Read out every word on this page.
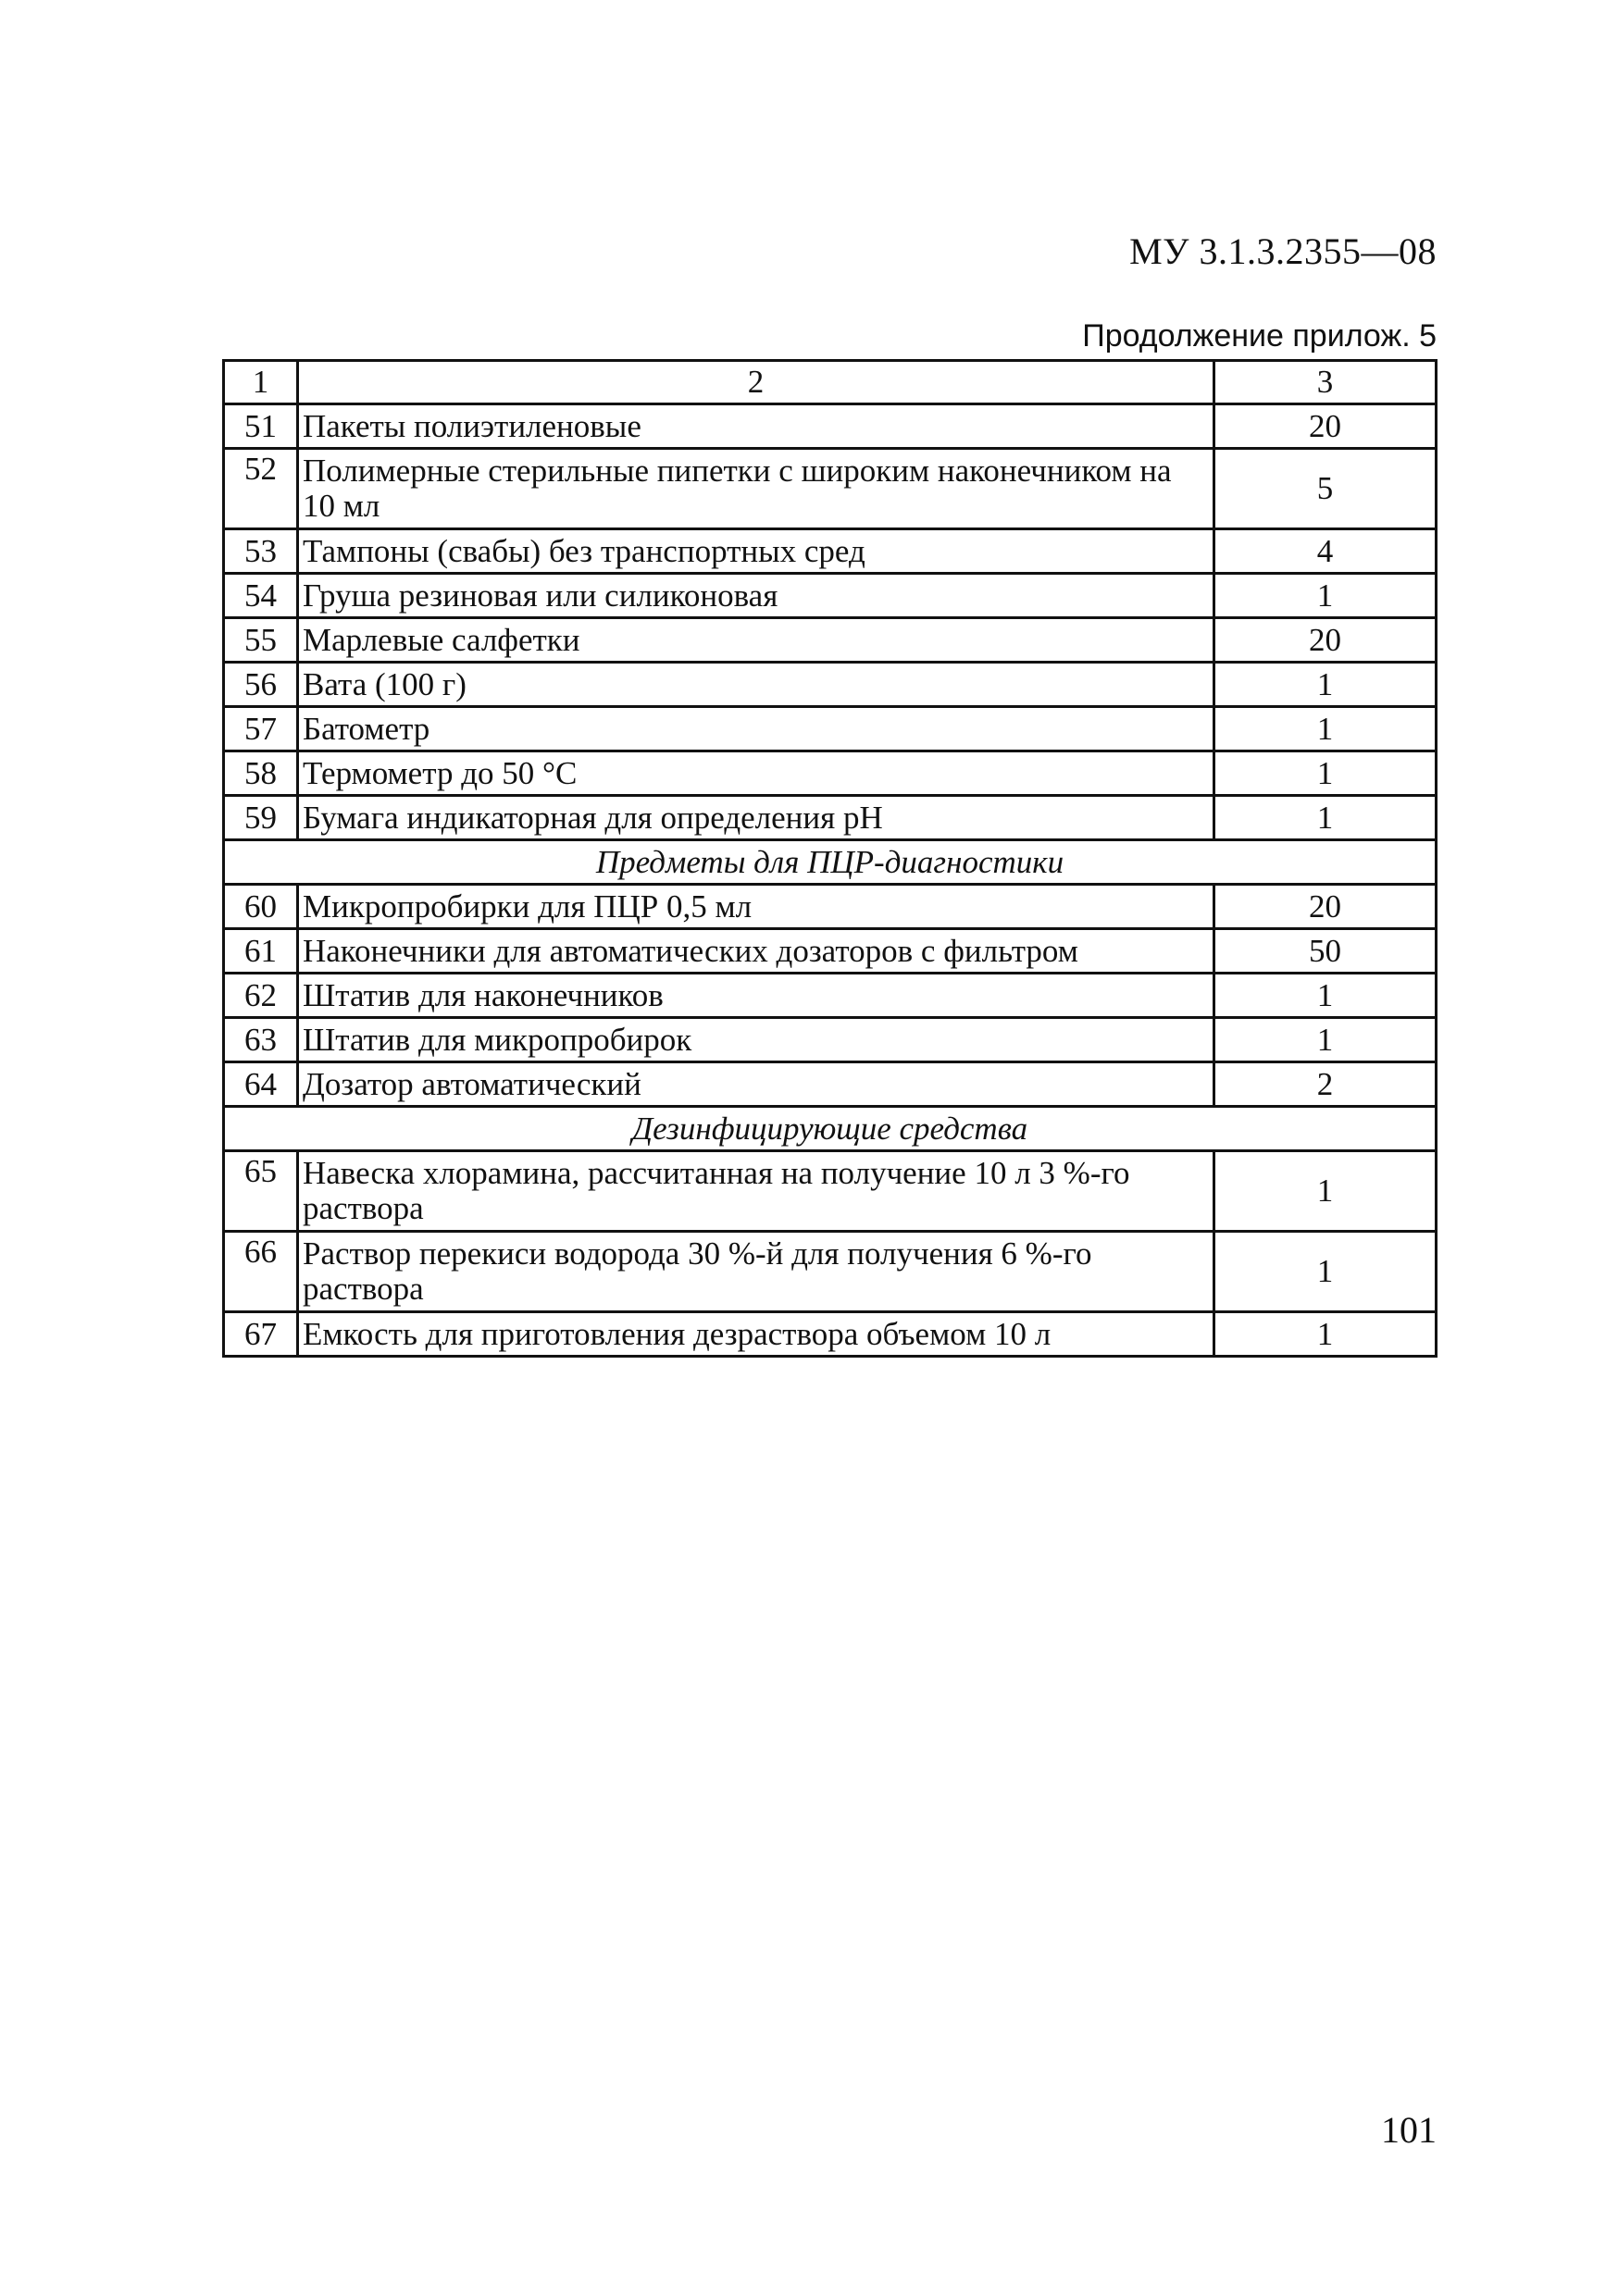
МУ 3.1.3.2355—08
Продолжение прилож. 5
1	2	3
51	Пакеты полиэтиленовые	20
52	Полимерные стерильные пипетки с широким наконечником на 10 мл	5
53	Тампоны (свабы) без транспортных сред	4
54	Груша резиновая или силиконовая	1
55	Марлевые салфетки	20
56	Вата (100 г)	1
57	Батометр	1
58	Термометр до 50 °С	1
59	Бумага индикаторная для определения рН	1
Предметы для ПЦР-диагностики		
60	Микропробирки для ПЦР 0,5 мл	20
61	Наконечники для автоматических дозаторов с фильтром	50
62	Штатив для наконечников	1
63	Штатив для микропробирок	1
64	Дозатор автоматический	2
Дезинфицирующие средства		
65	Навеска хлорамина, рассчитанная на получение 10 л 3 %-го раствора	1
66	Раствор перекиси водорода 30 %-й для получения 6 %-го раствора	1
67	Емкость для приготовления дезраствора объемом 10 л	1
101
